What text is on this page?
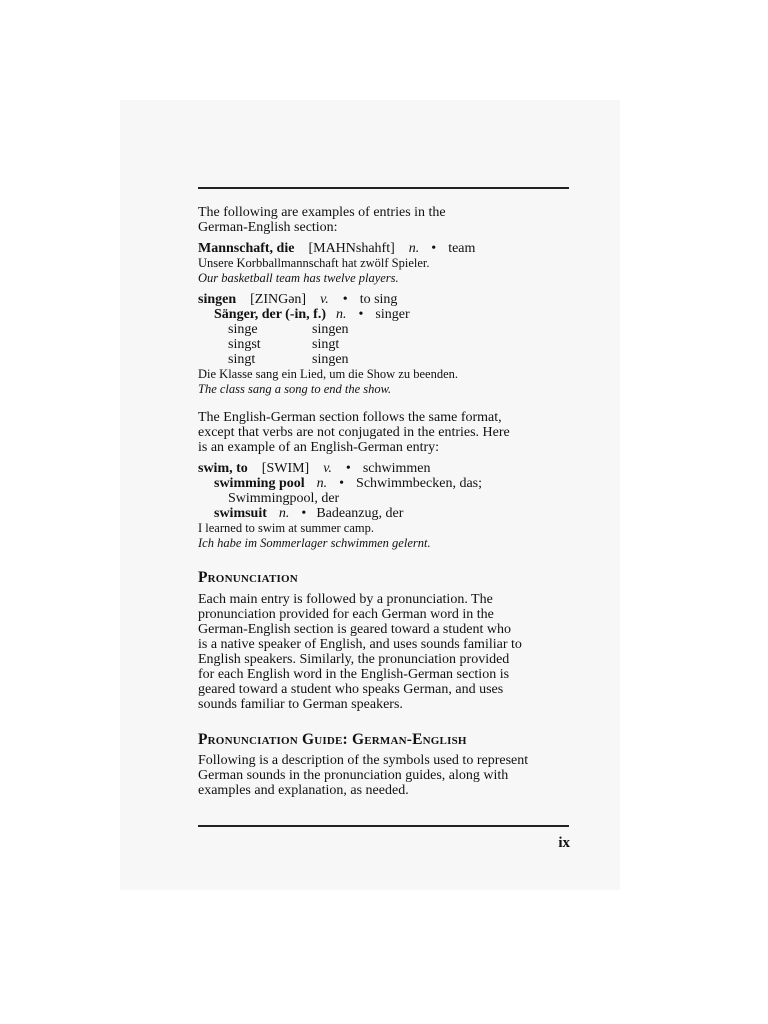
The following are examples of entries in the

German-English section:

Mannschaft, die [MAHNshahft] n. • team

Unsere Korbballmannschaft hat zwölf Spieler.

Our basketball team has twelve players.

singen [ZINGən] v. • to sing
Sänger, der (-in, f.) n. • singer
singe	singen
singst	singt
singt	singen

Die Klasse sang ein Lied, um die Show zu beenden.

The class sang a song to end the show.

The English-German section follows the same format,

except that verbs are not conjugated in the entries. Here

is an example of an English-German entry:

swim, to [SWIM] v. • schwimmen
swimming pool n. • Schwimmbecken, das;
Swimmingpool, der
swimsuit n. • Badeanzug, der

I learned to swim at summer camp.

Ich habe im Sommerlager schwimmen gelernt.

Pronunciation

Each main entry is followed by a pronunciation. The

pronunciation provided for each German word in the

German-English section is geared toward a student who

is a native speaker of English, and uses sounds familiar to

English speakers. Similarly, the pronunciation provided

for each English word in the English-German section is

geared toward a student who speaks German, and uses

sounds familiar to German speakers.

Pronunciation Guide: German-English

Following is a description of the symbols used to represent

German sounds in the pronunciation guides, along with

examples and explanation, as needed.

ix
